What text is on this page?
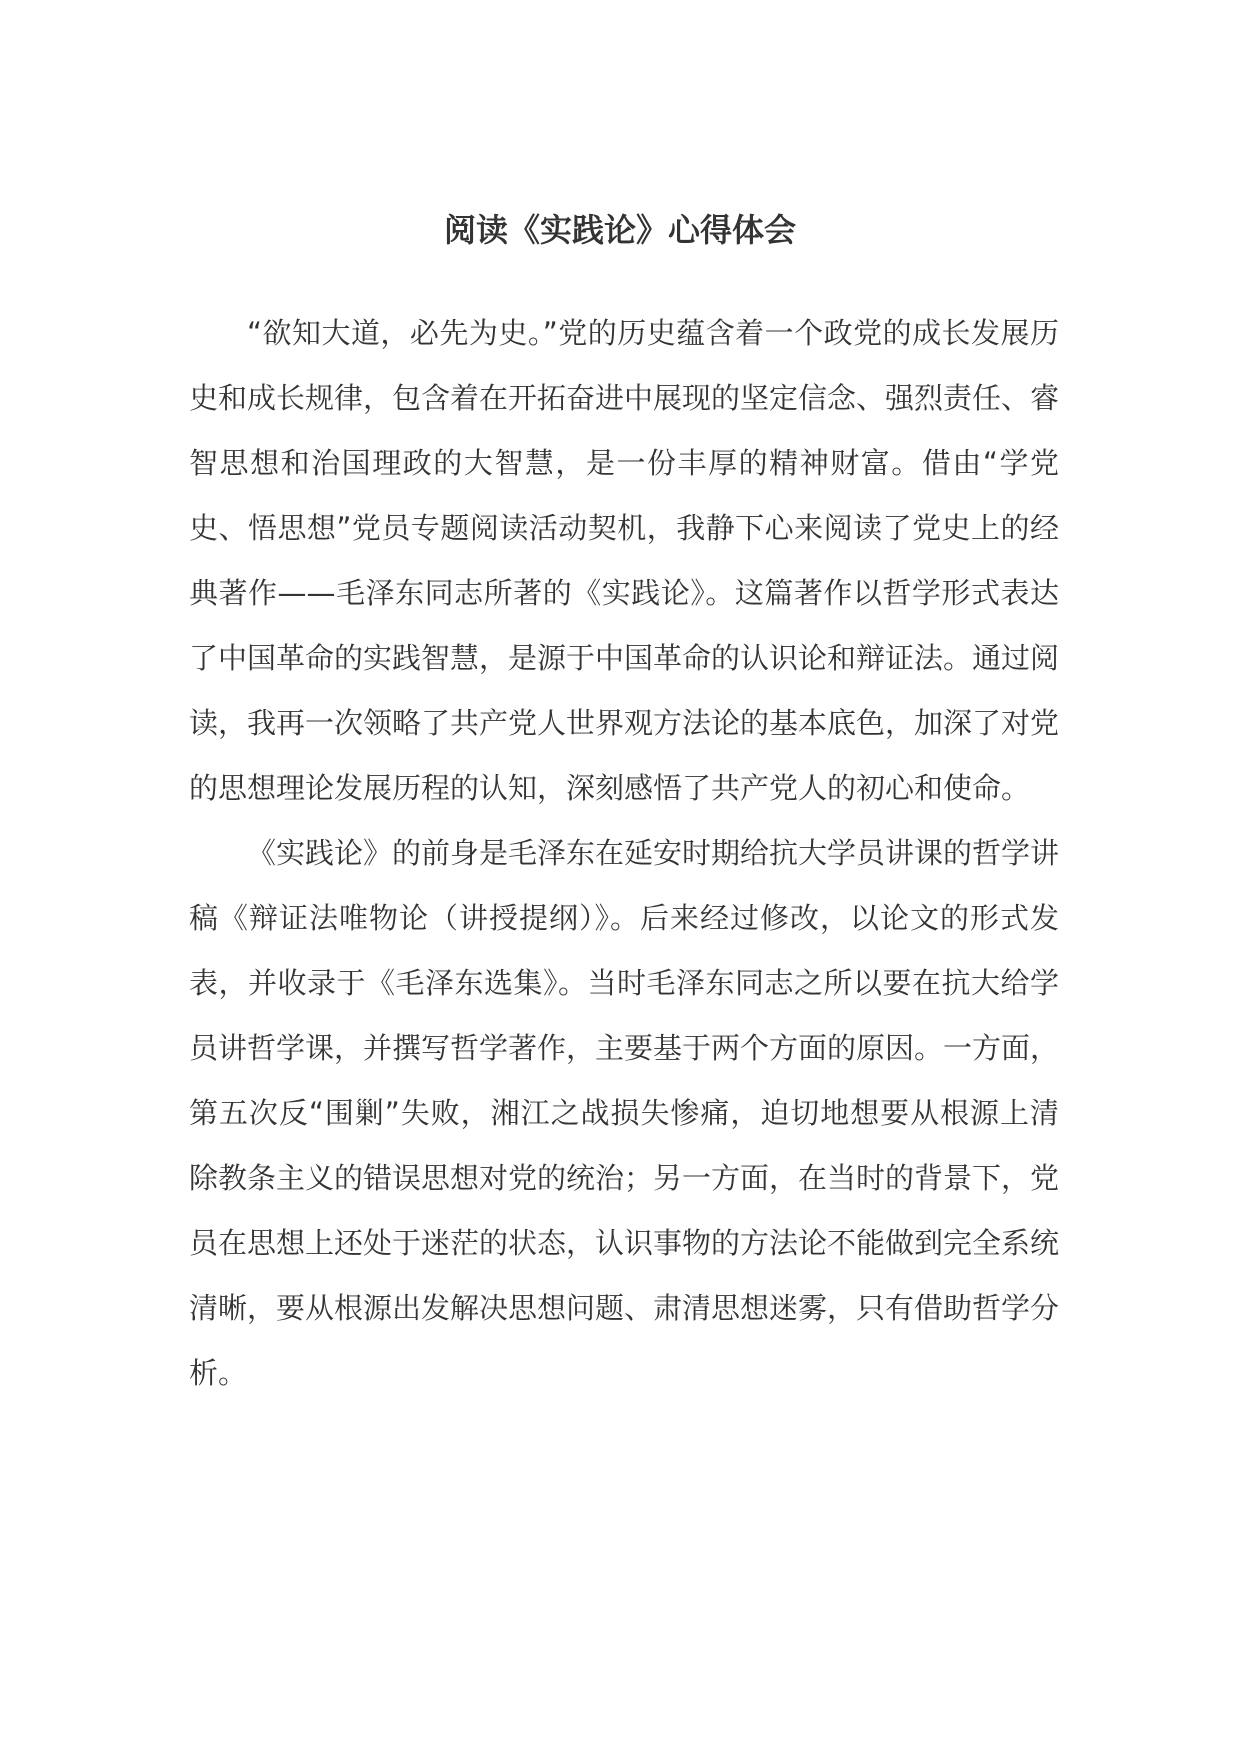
阅读《实践论》心得体会

“欲知大道，必先为史。”党的历史蕴含着一个政党的成长发展历史和成长规律，包含着在开拓奋进中展现的坚定信念、强烈责任、睿智思想和治国理政的大智慧，是一份丰厚的精神财富。借由“学党史、悟思想”党员专题阅读活动契机，我静下心来阅读了党史上的经典著作——毛泽东同志所著的《实践论》。这篇著作以哲学形式表达了中国革命的实践智慧，是源于中国革命的认识论和辩证法。通过阅读，我再一次领略了共产党人世界观方法论的基本底色，加深了对党的思想理论发展历程的认知，深刻感悟了共产党人的初心和使命。

《实践论》的前身是毛泽东在延安时期给抗大学员讲课的哲学讲稿《辩证法唯物论（讲授提纲）》。后来经过修改，以论文的形式发表，并收录于《毛泽东选集》。当时毛泽东同志之所以要在抗大给学员讲哲学课，并撰写哲学著作，主要基于两个方面的原因。一方面，第五次反“围剿”失败，湘江之战损失惨痛，迫切地想要从根源上清除教条主义的错误思想对党的统治；另一方面，在当时的背景下，党员在思想上还处于迷茫的状态，认识事物的方法论不能做到完全系统清晰，要从根源出发解决思想问题、肃清思想迷雾，只有借助哲学分析。
